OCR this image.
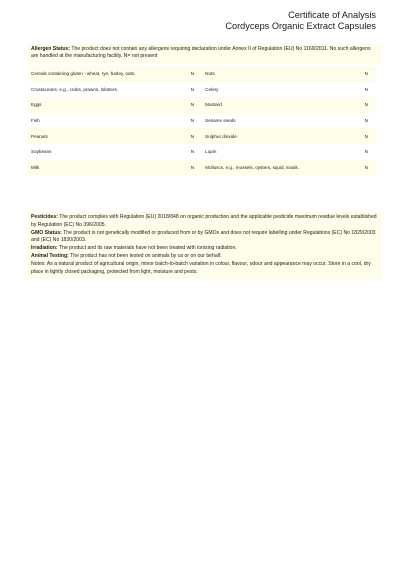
Certificate of Analysis
Cordyceps Organic Extract Capsules
Allergen Status: The product does not contain any allergens requiring declaration under Annex II of Regulation (EU) No 1169/2011. No such allergens are handled at the manufacturing facility. N= not present
Cereals containing gluten - wheat, rye, barley, oats.	N	Nuts	N
Crustaceans, e.g., crabs, prawns, lobsters.	N	Celery	N
Eggs	N	Mustard	N
Fish	N	Sesame seeds	N
Peanuts	N	Sulphur dioxide	N
Soybeans	N	Lupin	N
Milk	N	Molluscs, e.g., mussels, oysters, squid, snails.	N

Pesticides: The product complies with Regulation (EU) 2018/848 on organic production and the applicable pesticide maximum residue levels established by Regulation (EC) No 396/2005.

GMO Status: The product is not genetically modified or produced from or by GMOs and does not require labelling under Regulations (EC) No 1829/2003 and (EC) No 1830/2003.

Irradiation: The product and its raw materials have not been treated with ionising radiation.

Animal Testing: The product has not been tested on animals by us or on our behalf.

Notes: As a natural product of agricultural origin, minor batch-to-batch variation in colour, flavour, odour and appearance may occur. Store in a cool, dry place in tightly closed packaging, protected from light, moisture and pests.
